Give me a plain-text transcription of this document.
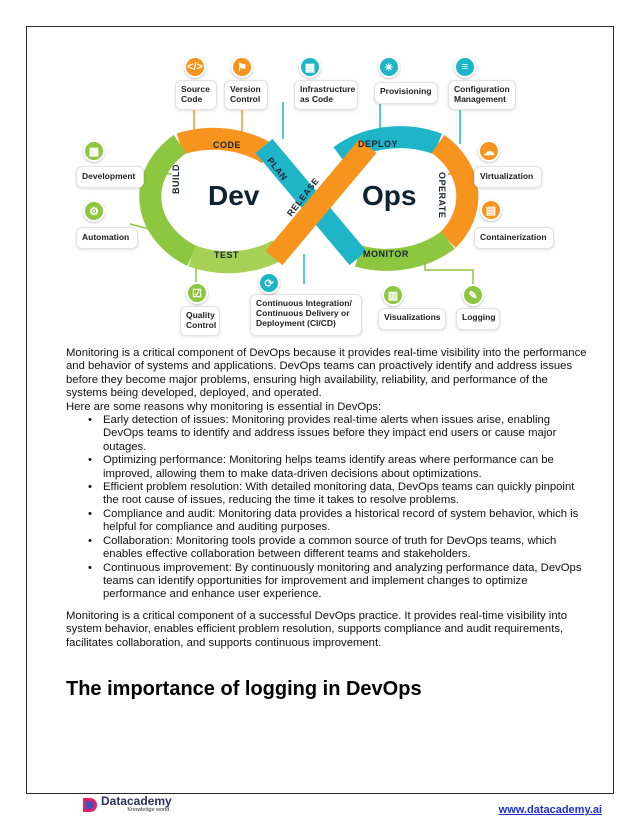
CODE
BUILD
TEST
PLAN
RELEASE
DEPLOY
OPERATE
MONITOR
Dev	Ops
Source Code
</>
Version Control
⚑
Infrastructure as Code
▦
Provisioning
✴
Configuration Management
≡
Development
▩
Automation
⚙
Virtualization
☁
Containerization
▤
Quality Control
☑
Continuous Integration/ Continuous Delivery or Deployment (CI/CD)
⟳
Visualizations
▥
Logging
✎

Monitoring is a critical component of DevOps because it provides real-time visibility into the performance and behavior of systems and applications. DevOps teams can proactively identify and address issues before they become major problems, ensuring high availability, reliability, and performance of the systems being developed, deployed, and operated.

Here are some reasons why monitoring is essential in DevOps:

• Early detection of issues: Monitoring provides real-time alerts when issues arise, enabling DevOps teams to identify and address issues before they impact end users or cause major outages.
• Optimizing performance: Monitoring helps teams identify areas where performance can be improved, allowing them to make data-driven decisions about optimizations.
• Efficient problem resolution: With detailed monitoring data, DevOps teams can quickly pinpoint the root cause of issues, reducing the time it takes to resolve problems.
• Compliance and audit: Monitoring data provides a historical record of system behavior, which is helpful for compliance and auditing purposes.
• Collaboration: Monitoring tools provide a common source of truth for DevOps teams, which enables effective collaboration between different teams and stakeholders.
• Continuous improvement: By continuously monitoring and analyzing performance data, DevOps teams can identify opportunities for improvement and implement changes to optimize performance and enhance user experience.

Monitoring is a critical component of a successful DevOps practice. It provides real-time visibility into system behavior, enables efficient problem resolution, supports compliance and audit requirements, facilitates collaboration, and supports continuous improvement.

The importance of logging in DevOps
Datacademy
Knowledge world	www.datacademy.ai
